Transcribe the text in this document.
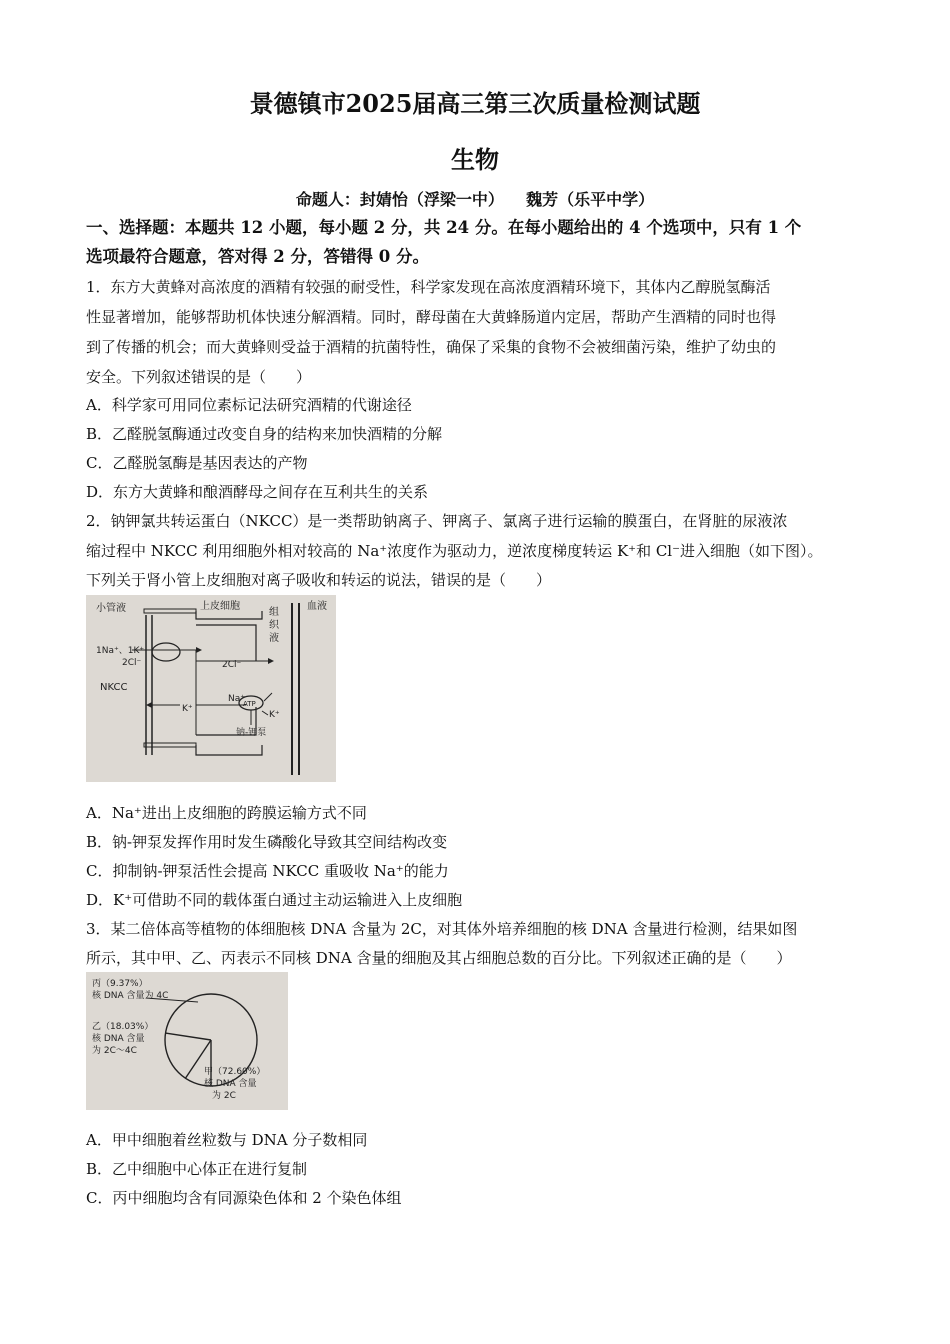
景德镇市2025届高三第三次质量检测试题
生物
命题人：封婧怡（浮梁一中）    魏芳（乐平中学）
一、选择题：本题共 12 小题，每小题 2 分，共 24 分。在每小题给出的 4 个选项中，只有 1 个
选项最符合题意，答对得 2 分，答错得 0 分。
1．东方大黄蜂对高浓度的酒精有较强的耐受性，科学家发现在高浓度酒精环境下，其体内乙醇脱氢酶活
性显著增加，能够帮助机体快速分解酒精。同时，酵母菌在大黄蜂肠道内定居，帮助产生酒精的同时也得
到了传播的机会；而大黄蜂则受益于酒精的抗菌特性，确保了采集的食物不会被细菌污染，维护了幼虫的
安全。下列叙述错误的是（　　）
A．科学家可用同位素标记法研究酒精的代谢途径
B．乙醛脱氢酶通过改变自身的结构来加快酒精的分解
C．乙醛脱氢酶是基因表达的产物
D．东方大黄蜂和酿酒酵母之间存在互利共生的关系
2．钠钾氯共转运蛋白（NKCC）是一类帮助钠离子、钾离子、氯离子进行运输的膜蛋白，在肾脏的尿液浓
缩过程中 NKCC 利用细胞外相对较高的 Na⁺浓度作为驱动力，逆浓度梯度转运 K⁺和 Cl⁻进入细胞（如下图）。
下列关于肾小管上皮细胞对离子吸收和转运的说法，错误的是（　　）
小管液	上皮细胞	血液
组
织
液
1Na⁺、1K⁺
2Cl⁻
NKCC
2Cl⁻
K⁺
Na⁺
ATP
K⁺
钠-钾泵
A．Na⁺进出上皮细胞的跨膜运输方式不同
B．钠-钾泵发挥作用时发生磷酸化导致其空间结构改变
C．抑制钠-钾泵活性会提高 NKCC 重吸收 Na⁺的能力
D．K⁺可借助不同的载体蛋白通过主动运输进入上皮细胞
3．某二倍体高等植物的体细胞核 DNA 含量为 2C，对其体外培养细胞的核 DNA 含量进行检测，结果如图
所示，其中甲、乙、丙表示不同核 DNA 含量的细胞及其占细胞总数的百分比。下列叙述正确的是（　　）
丙（9.37%）
核 DNA 含量为 4C
乙（18.03%）
核 DNA 含量
为 2C～4C
甲（72.60%）
核 DNA 含量
为 2C
A．甲中细胞着丝粒数与 DNA 分子数相同
B．乙中细胞中心体正在进行复制
C．丙中细胞均含有同源染色体和 2 个染色体组
